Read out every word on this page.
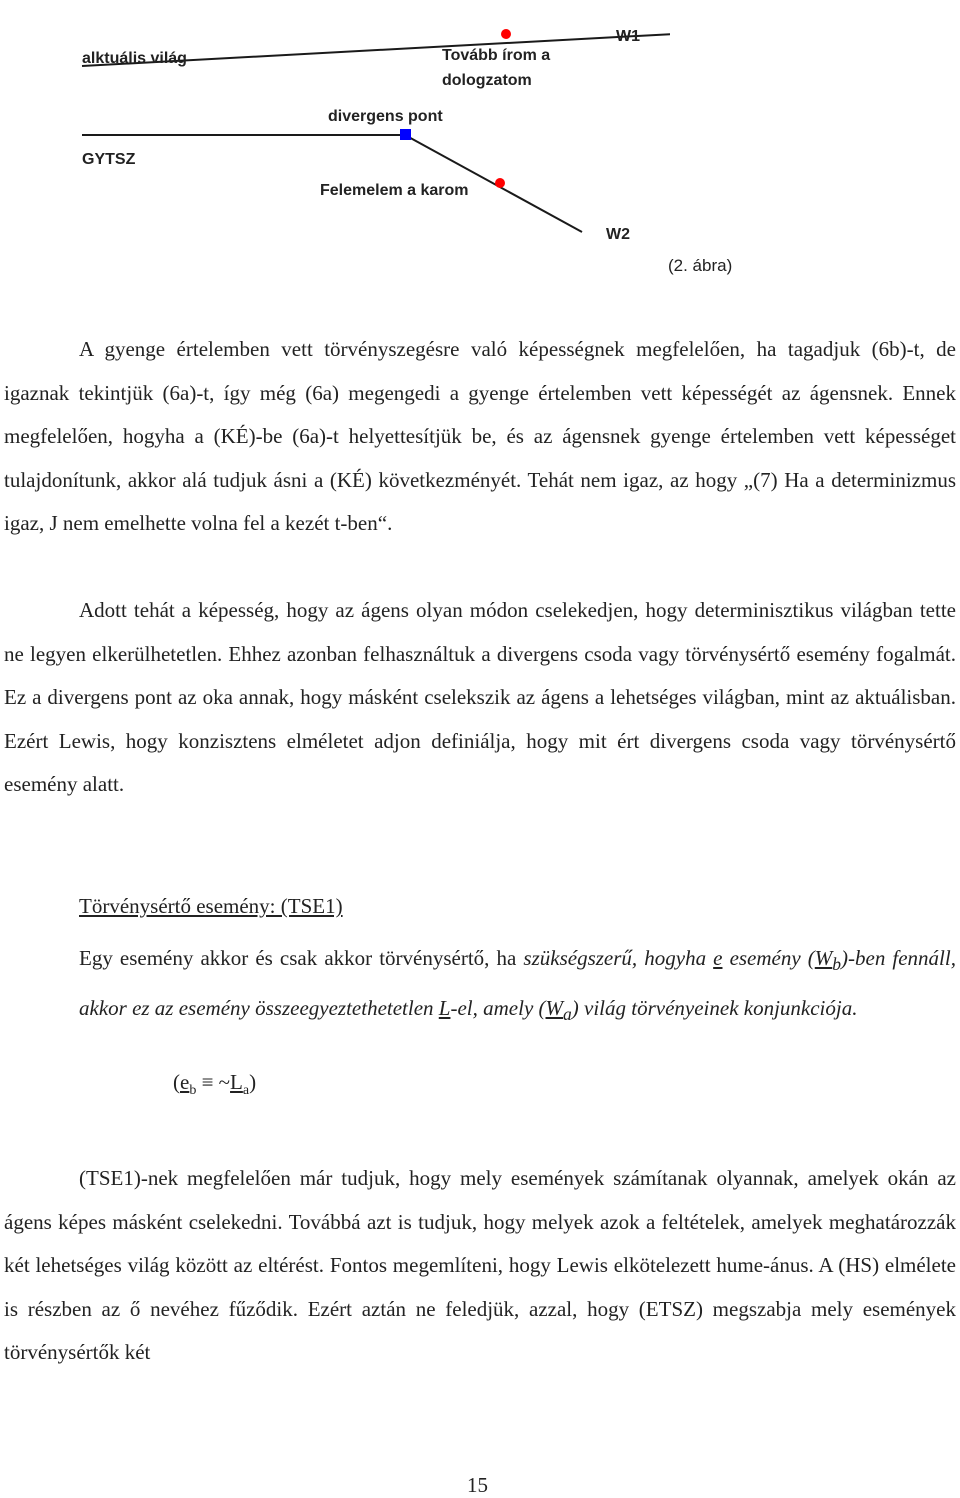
alktuális világ	Tovább írom a
dologzatom
W1
divergens pont
GYTSZ
Felemelem a karom
W2
(2. ábra)

A gyenge értelemben vett törvényszegésre való képességnek megfelelően, ha tagadjuk (6b)-t, de igaznak tekintjük (6a)-t, így még (6a) megengedi a gyenge értelemben vett képességét az ágensnek. Ennek megfelelően, hogyha a (KÉ)-be (6a)-t helyettesítjük be, és az ágensnek gyenge értelemben vett képességet tulajdonítunk, akkor alá tudjuk ásni a (KÉ) következményét. Tehát nem igaz, az hogy „(7) Ha a determinizmus igaz, J nem emelhette volna fel a kezét t-ben“.

Adott tehát a képesség, hogy az ágens olyan módon cselekedjen, hogy determinisztikus világban tette ne legyen elkerülhetetlen. Ehhez azonban felhasználtuk a divergens csoda vagy törvénysértő esemény fogalmát. Ez a divergens pont az oka annak, hogy másként cselekszik az ágens a lehetséges világban, mint az aktuálisban. Ezért Lewis, hogy konzisztens elméletet adjon definiálja, hogy mit ért divergens csoda vagy törvénysértő esemény alatt.

Törvénysértő esemény: (TSE1)

Egy esemény akkor és csak akkor törvénysértő, ha szükségszerű, hogyha e esemény $(W_b)$-ben fennáll, akkor ez az esemény összeegyeztethetetlen L-el, amely $(W_a)$ világ törvényeinek konjunkciója.

($e_b$ ≡ $\sim L_a$)

(TSE1)-nek megfelelően már tudjuk, hogy mely események számítanak olyannak, amelyek okán az ágens képes másként cselekedni. Továbbá azt is tudjuk, hogy melyek azok a feltételek, amelyek meghatározzák két lehetséges világ között az eltérést. Fontos megemlíteni, hogy Lewis elkötelezett hume-ánus. A (HS) elmélete is részben az ő nevéhez fűződik. Ezért aztán ne feledjük, azzal, hogy (ETSZ) megszabja mely események törvénysértők két

15
